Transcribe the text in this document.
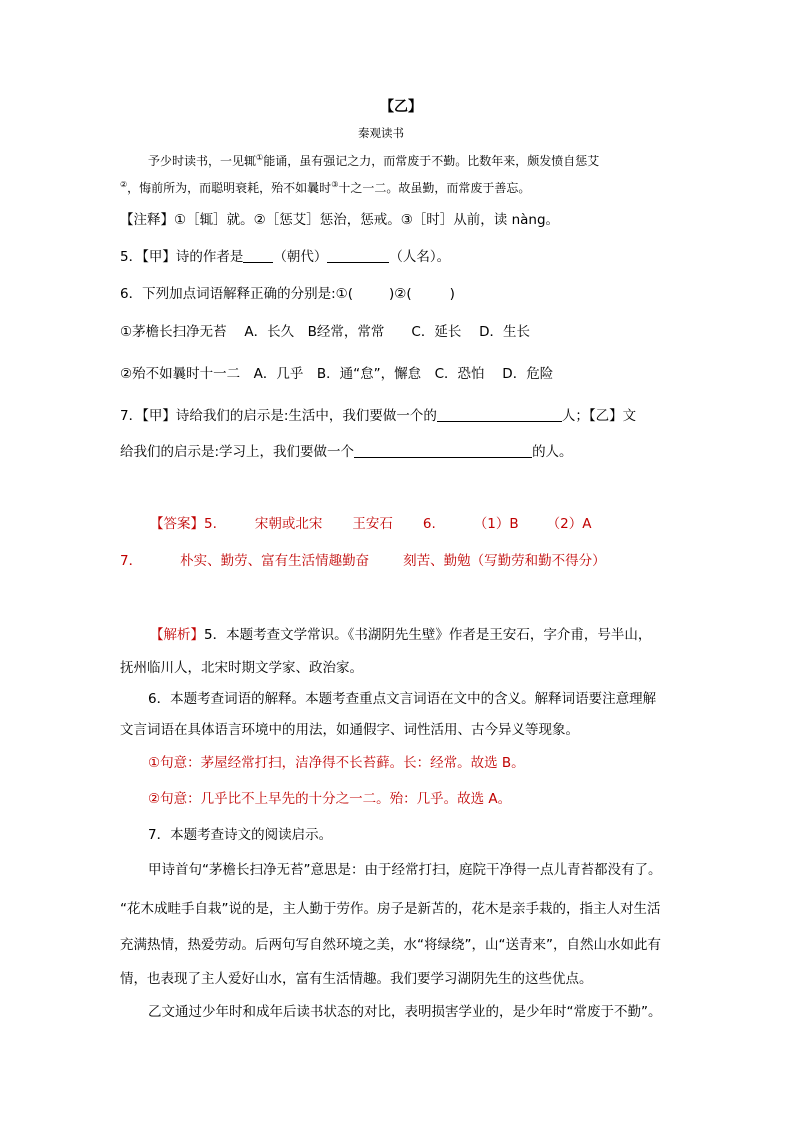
【乙】
秦观读书
予少时读书，一见辄①能诵，虽有强记之力，而常废于不勤。比数年来，颇发愤自惩艾
②，悔前所为，而聪明衰耗，殆不如曩时③十之一二。故虽勤，而常废于善忘。
【注释】①［辄］就。②［惩艾］惩治，惩戒。③［时］从前，读 nàng。
5．【甲】诗的作者是 （朝代）	（人名）。
6．下列加点词语解释正确的分别是:①(	)②(	)
①茅檐长扫净无苔　 A．长久　B经常，常常　　C．延长　 D．生长
②殆不如曩时十一二　A．几乎　B．通“怠”，懈怠　C．恐怕　 D．危险
7．【甲】诗给我们的启示是:生活中，我们要做一个的	人；【乙】文
给我们的启示是:学习上，我们要做一个	的人。
【答案】5.	宋朝或北宋 王安石 6.	（1）B （2）A
7．	朴实、勤劳、富有生活情趣勤奋	刻苦、勤勉（写勤劳和勤不得分）
【解析】5．本题考查文学常识。《书湖阴先生壁》作者是王安石，字介甫，号半山，
抚州临川人，北宋时期文学家、政治家。
6．本题考查词语的解释。本题考查重点文言词语在文中的含义。解释词语要注意理解
文言词语在具体语言环境中的用法，如通假字、词性活用、古今异义等现象。
①句意：茅屋经常打扫，洁净得不长苔藓。长：经常。故选 B。
②句意：几乎比不上早先的十分之一二。殆：几乎。故选 A。
7．本题考查诗文的阅读启示。
甲诗首句“茅檐长扫净无苔”意思是：由于经常打扫，庭院干净得一点儿青苔都没有了。
“花木成畦手自栽”说的是，主人勤于劳作。房子是新苫的，花木是亲手栽的，指主人对生活
充满热情，热爱劳动。后两句写自然环境之美，水“将绿绕”，山“送青来”，自然山水如此有
情，也表现了主人爱好山水，富有生活情趣。我们要学习湖阴先生的这些优点。
乙文通过少年时和成年后读书状态的对比，表明损害学业的，是少年时“常废于不勤”。
